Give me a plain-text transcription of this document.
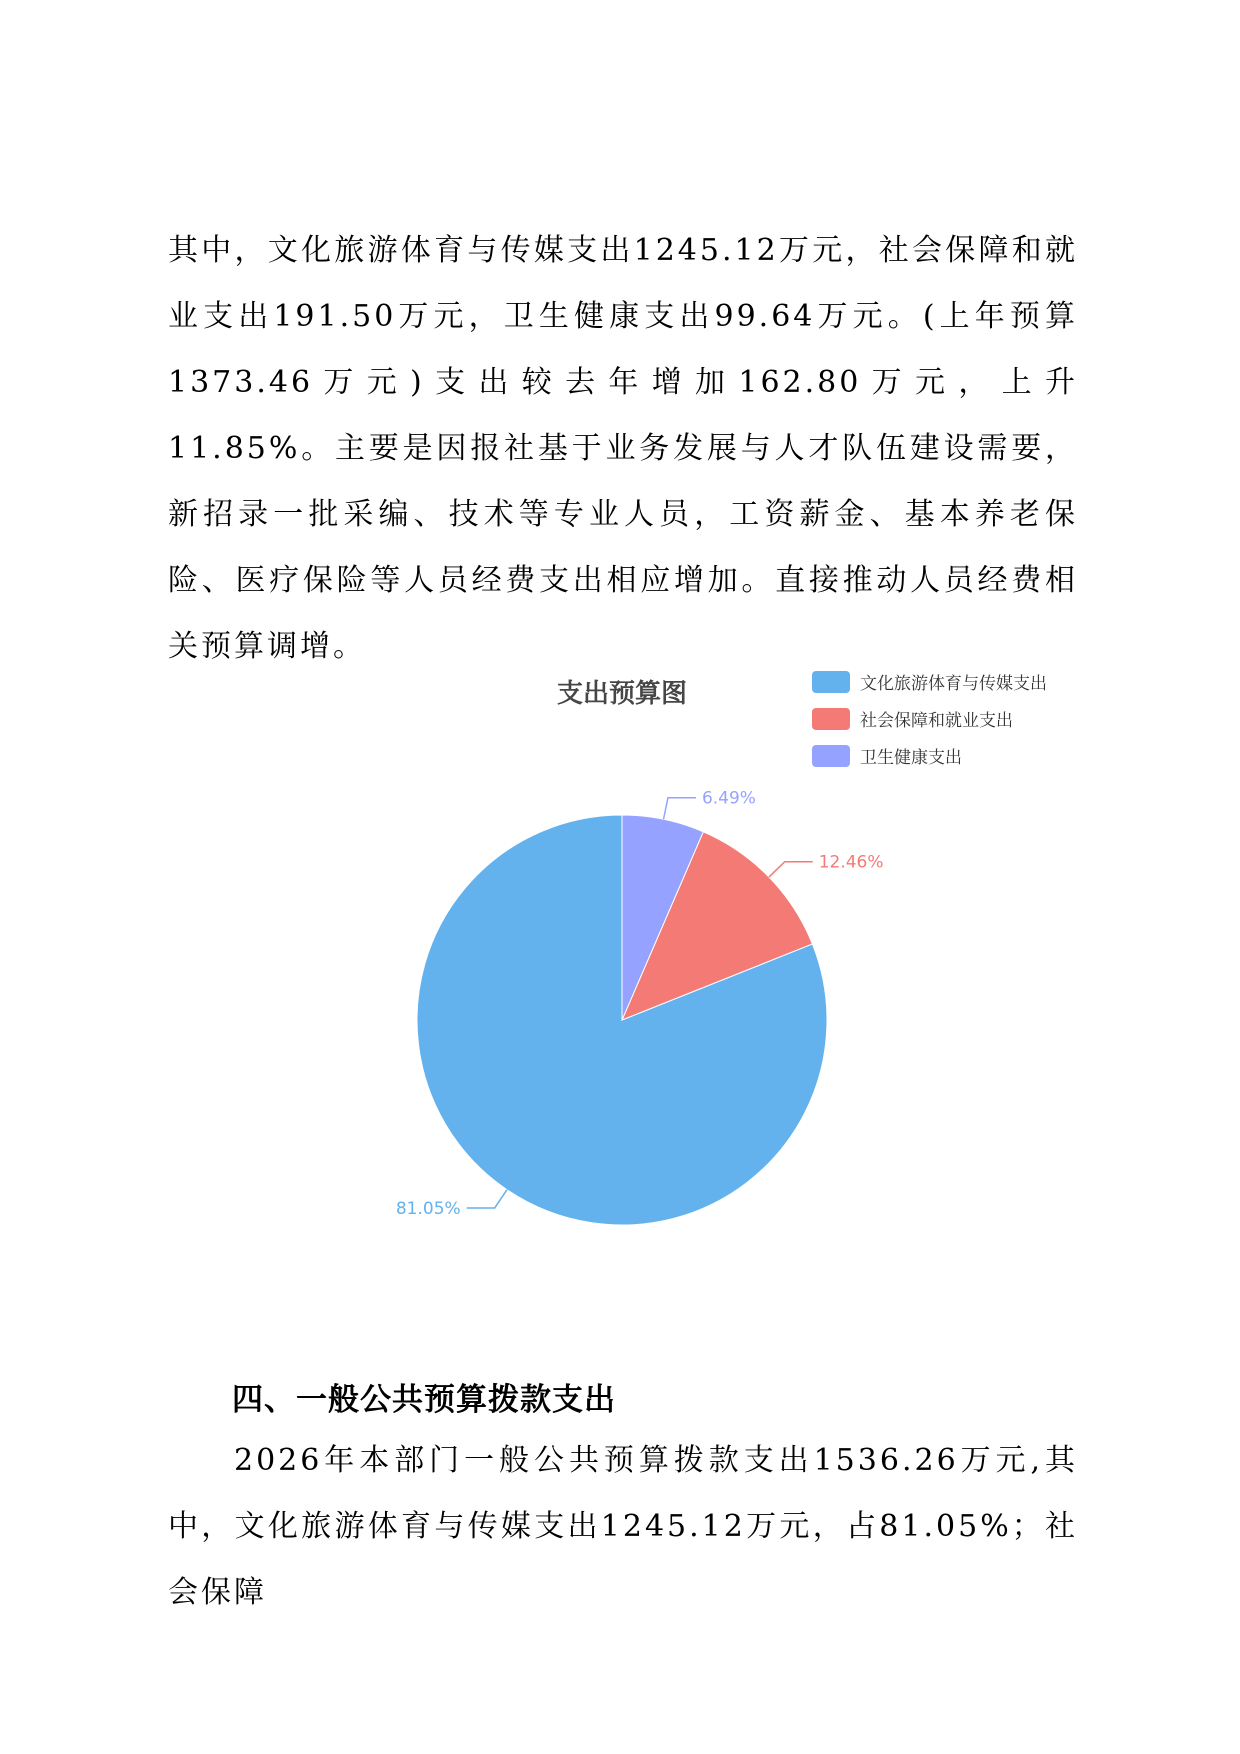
其中，文化旅游体育与传媒支出1245.12万元，社会保障和就业支出191.50万元，卫生健康支出99.64万元。(上年预算1373.46万元)支出较去年增加162.80万元，上升11.85%。主要是因报社基于业务发展与人才队伍建设需要，新招录一批采编、技术等专业人员，工资薪金、基本养老保险、医疗保险等人员经费支出相应增加。直接推动人员经费相关预算调增。

支出预算图	文化旅游体育与传媒支出
社会保障和就业支出
卫生健康支出
81.05%
12.46%
6.49%
四、一般公共预算拨款支出

2026年本部门一般公共预算拨款支出1536.26万元,其中，文化旅游体育与传媒支出1245.12万元，占81.05%；社会保障
